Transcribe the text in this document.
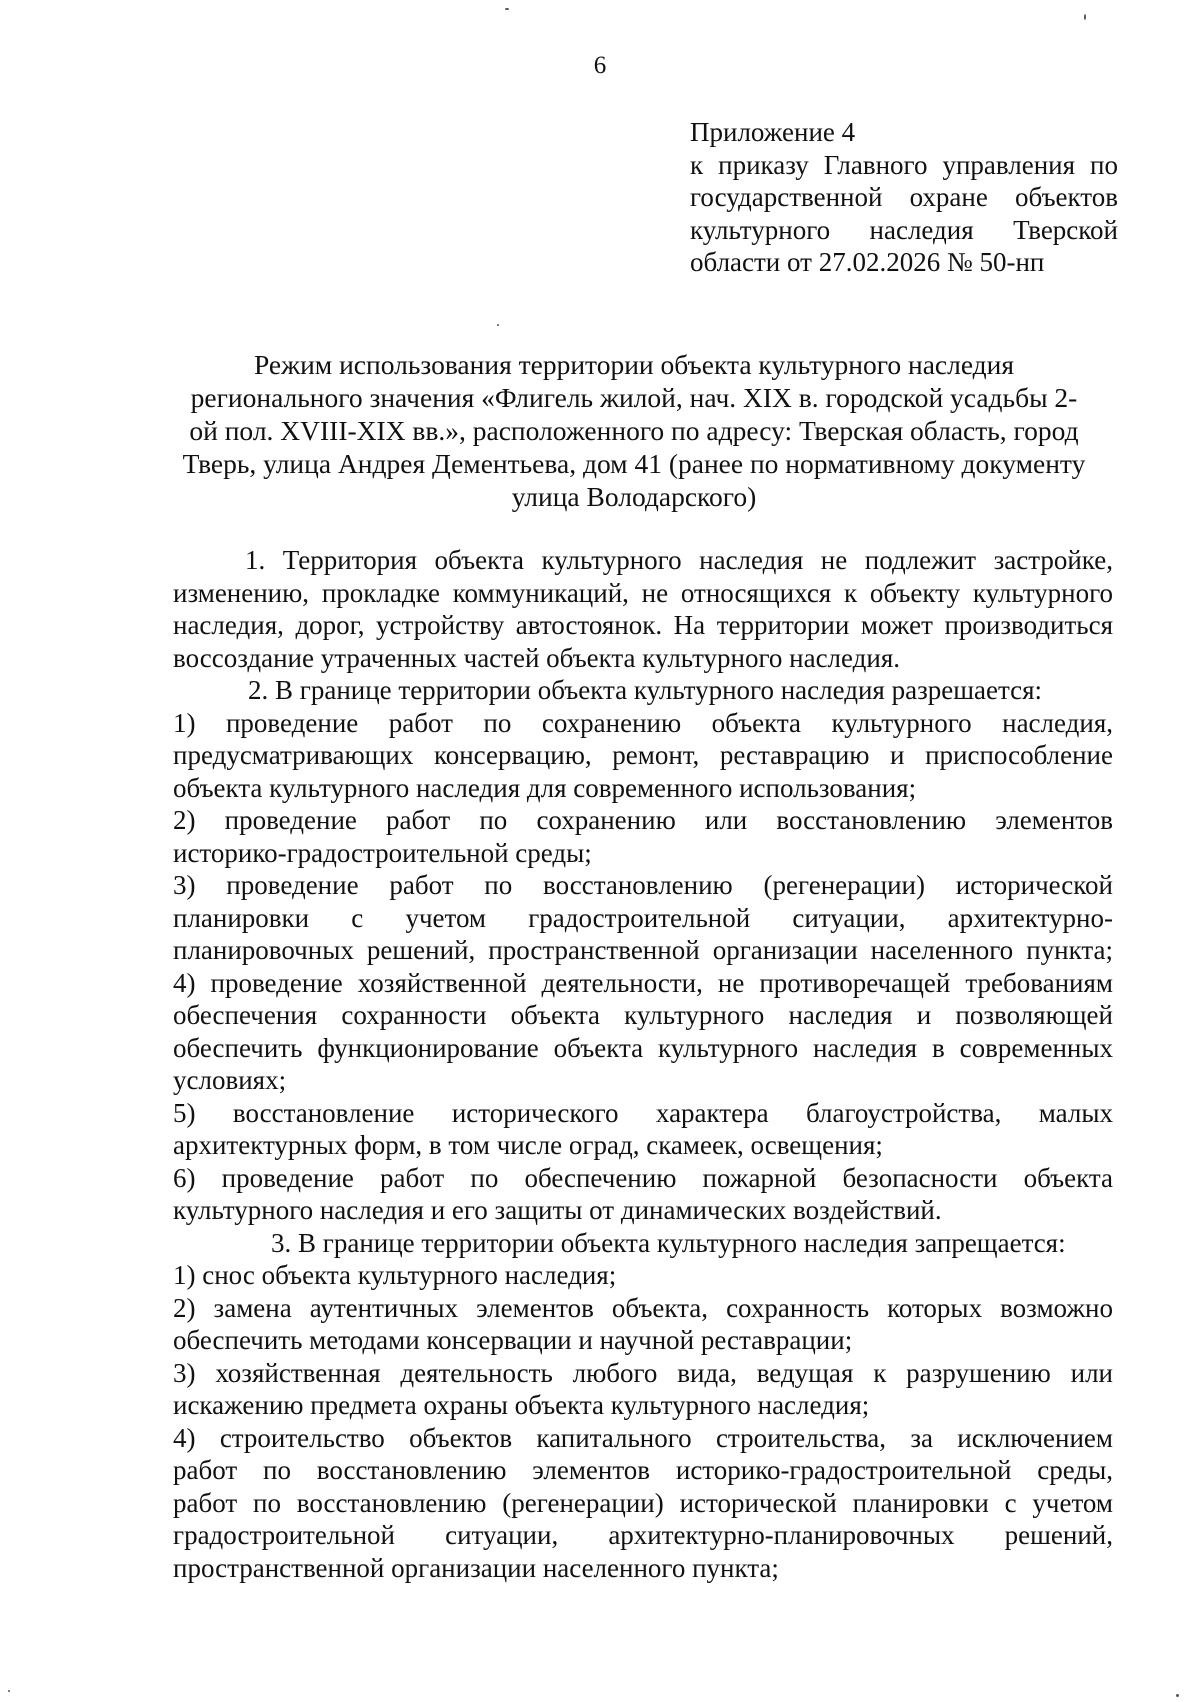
6
Приложение 4
к приказу Главного управления по
государственной охране объектов
культурного наследия Тверской
области от 27.02.2026 № 50-нп
Режим использования территории объекта культурного наследия
регионального значения «Флигель жилой, нач. XIX в. городской усадьбы 2-
ой пол. XVIII-XIX вв.», расположенного по адресу: Тверская область, город
Тверь, улица Андрея Дементьева, дом 41 (ранее по нормативному документу
улица Володарского)
1. Территория объекта культурного наследия не подлежит застройке,
изменению, прокладке коммуникаций, не относящихся к объекту культурного
наследия, дорог, устройству автостоянок. На территории может производиться
воссоздание утраченных частей объекта культурного наследия.
2. В границе территории объекта культурного наследия разрешается:
1) проведение работ по сохранению объекта культурного наследия,
предусматривающих консервацию, ремонт, реставрацию и приспособление
объекта культурного наследия для современного использования;
2) проведение работ по сохранению или восстановлению элементов
историко-градостроительной среды;
3) проведение работ по восстановлению (регенерации) исторической
планировки с учетом градостроительной ситуации, архитектурно-
планировочных решений, пространственной организации населенного пункта;
4) проведение хозяйственной деятельности, не противоречащей требованиям
обеспечения сохранности объекта культурного наследия и позволяющей
обеспечить функционирование объекта культурного наследия в современных
условиях;
5) восстановление исторического характера благоустройства, малых
архитектурных форм, в том числе оград, скамеек, освещения;
6) проведение работ по обеспечению пожарной безопасности объекта
культурного наследия и его защиты от динамических воздействий.
3. В границе территории объекта культурного наследия запрещается:
1) снос объекта культурного наследия;
2) замена аутентичных элементов объекта, сохранность которых возможно
обеспечить методами консервации и научной реставрации;
3) хозяйственная деятельность любого вида, ведущая к разрушению или
искажению предмета охраны объекта культурного наследия;
4) строительство объектов капитального строительства, за исключением
работ по восстановлению элементов историко-градостроительной среды,
работ по восстановлению (регенерации) исторической планировки с учетом
градостроительной ситуации, архитектурно-планировочных решений,
пространственной организации населенного пункта;
